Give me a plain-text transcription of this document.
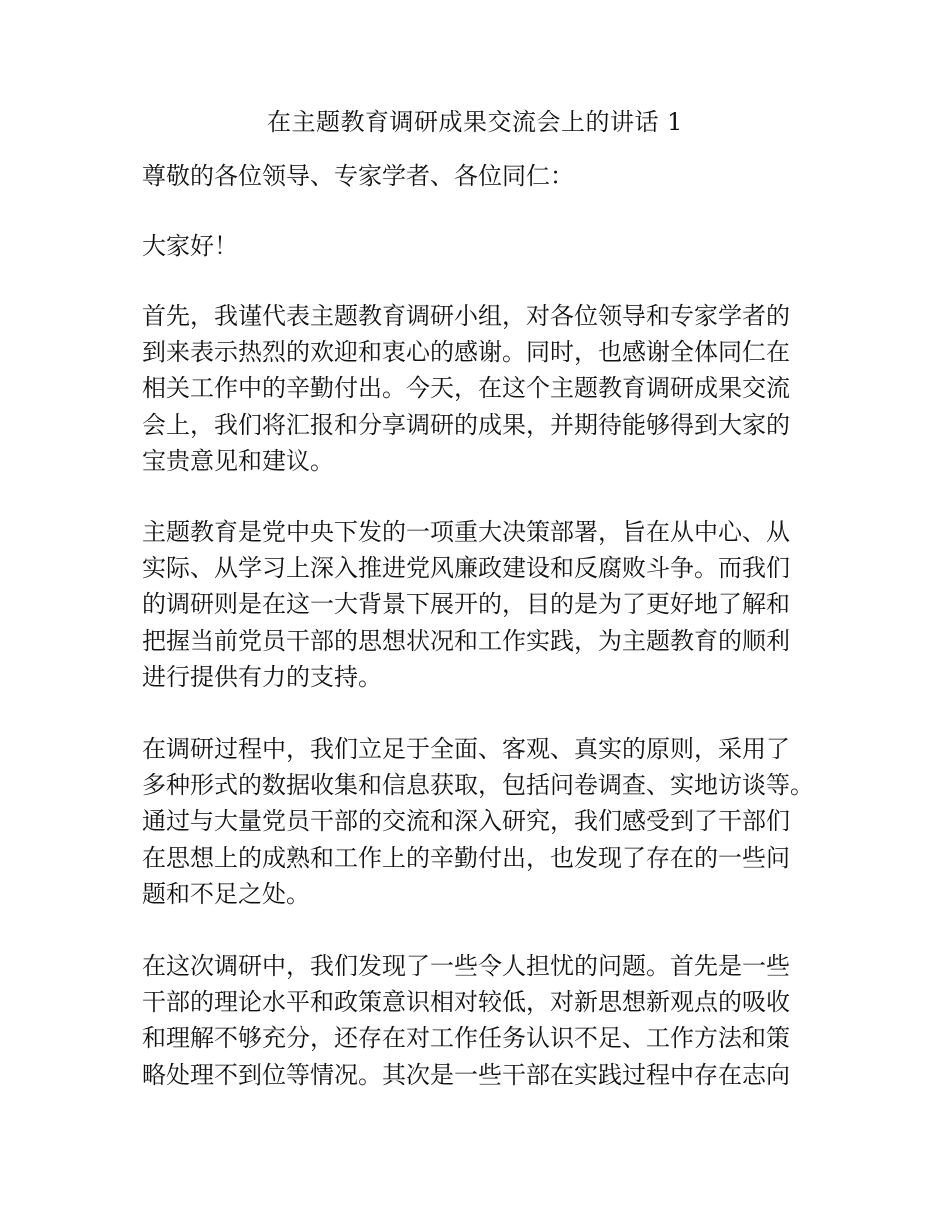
在主题教育调研成果交流会上的讲话 1
尊敬的各位领导、专家学者、各位同仁：
大家好！
首先，我谨代表主题教育调研小组，对各位领导和专家学者的
到来表示热烈的欢迎和衷心的感谢。同时，也感谢全体同仁在
相关工作中的辛勤付出。今天，在这个主题教育调研成果交流
会上，我们将汇报和分享调研的成果，并期待能够得到大家的
宝贵意见和建议。
主题教育是党中央下发的一项重大决策部署，旨在从中心、从
实际、从学习上深入推进党风廉政建设和反腐败斗争。而我们
的调研则是在这一大背景下展开的，目的是为了更好地了解和
把握当前党员干部的思想状况和工作实践，为主题教育的顺利
进行提供有力的支持。
在调研过程中，我们立足于全面、客观、真实的原则，采用了
多种形式的数据收集和信息获取，包括问卷调查、实地访谈等。
通过与大量党员干部的交流和深入研究，我们感受到了干部们
在思想上的成熟和工作上的辛勤付出，也发现了存在的一些问
题和不足之处。
在这次调研中，我们发现了一些令人担忧的问题。首先是一些
干部的理论水平和政策意识相对较低，对新思想新观点的吸收
和理解不够充分，还存在对工作任务认识不足、工作方法和策
略处理不到位等情况。其次是一些干部在实践过程中存在志向
